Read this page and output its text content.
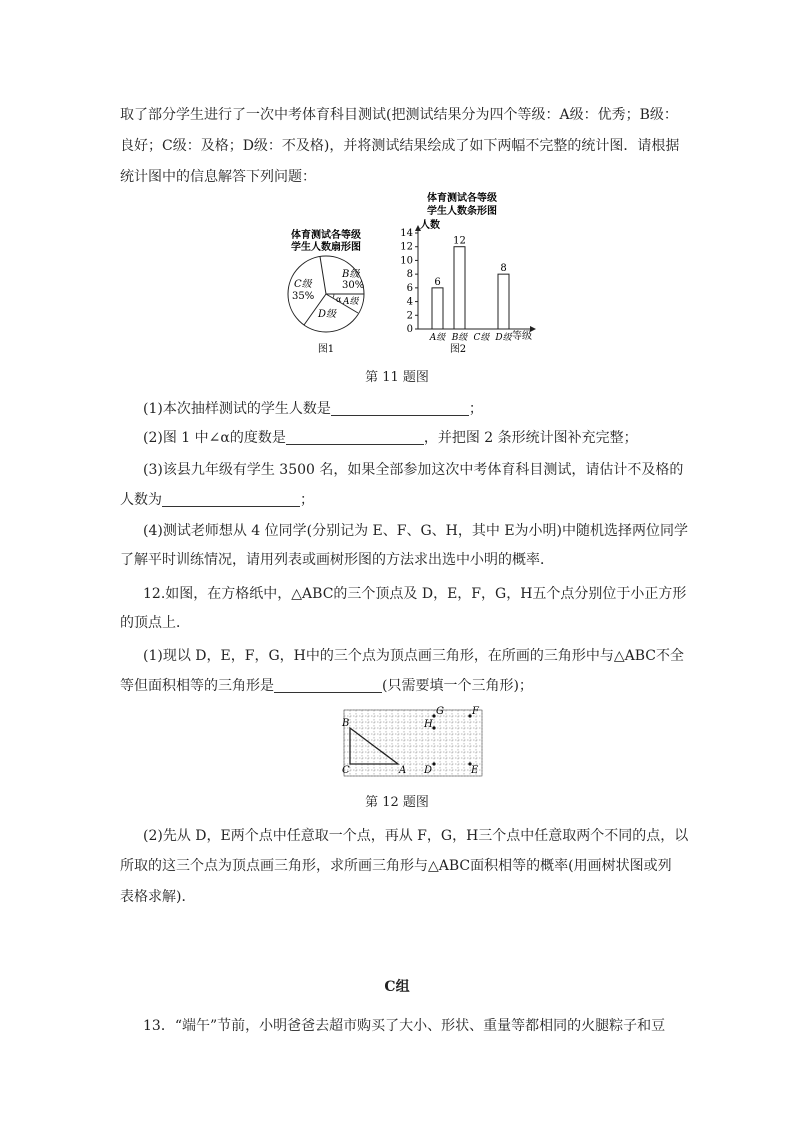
取了部分学生进行了一次中考体育科目测试(把测试结果分为四个等级：A级：优秀；B级：
良好；C级：及格；D级：不及格)，并将测试结果绘成了如下两幅不完整的统计图．请根据
统计图中的信息解答下列问题：
体育测试各等级
学生人数扇形图
B级
30%
C级
35%
D级
α A级
图1
体育测试各等级
学生人数条形图
人数
0
2
4
6
8
10
12
14
6
A级
12
B级 C级
8
D级 等级
图2
第 11 题图
(1)本次抽样测试的学生人数是	；
(2)图 1 中∠α的度数是	，并把图 2 条形统计图补充完整；
(3)该县九年级有学生 3500 名，如果全部参加这次中考体育科目测试，请估计不及格的
人数为	；
(4)测试老师想从 4 位同学(分别记为 E、F、G、H，其中 E为小明)中随机选择两位同学
了解平时训练情况，请用列表或画树形图的方法求出选中小明的概率．
12.如图，在方格纸中，△ABC的三个顶点及 D，E，F，G，H五个点分别位于小正方形
的顶点上．
(1)现以 D，E，F，G，H中的三个点为顶点画三角形，在所画的三角形中与△ABC不全
等但面积相等的三角形是	(只需要填一个三角形)；
B
C	A
H
G	F
D	E
第 12 题图
(2)先从 D，E两个点中任意取一个点，再从 F，G，H三个点中任意取两个不同的点，以
所取的这三个点为顶点画三角形，求所画三角形与△ABC面积相等的概率(用画树状图或列
表格求解)．
C组
13．“端午”节前，小明爸爸去超市购买了大小、形状、重量等都相同的火腿粽子和豆
